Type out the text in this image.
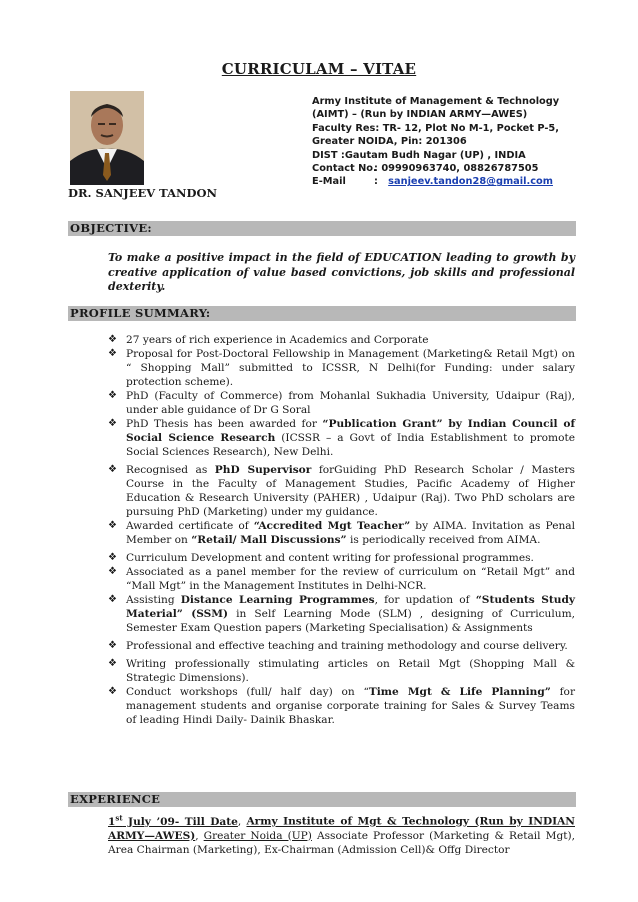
CURRICULAM – VITAE
DR. SANJEEV TANDON
Army Institute of Management & Technology
(AIMT) – (Run by INDIAN ARMY—AWES)
Faculty Res: TR- 12, Plot No M-1, Pocket P-5,
Greater NOIDA, Pin: 201306
DIST :Gautam Budh Nagar (UP) , INDIA
Contact No.: 09990963740, 08826787505
E-Mail	: sanjeev.tandon28@gmail.com
OBJECTIVE:
To make a positive impact in the field of EDUCATION leading to growth by creative application of value based convictions, job skills and professional dexterity.
PROFILE SUMMARY:
❖ 27 years of rich experience in Academics and Corporate
❖ Proposal for Post-Doctoral Fellowship in Management (Marketing& Retail Mgt) on “ Shopping Mall” submitted to ICSSR, N Delhi(for Funding: under salary protection scheme).
❖ PhD (Faculty of Commerce) from Mohanlal Sukhadia University, Udaipur (Raj), under able guidance of Dr G Soral
❖ PhD Thesis has been awarded for “Publication Grant” by Indian Council of Social Science Research (ICSSR – a Govt of India Establishment to promote Social Sciences Research), New Delhi.
❖ Recognised as PhD Supervisor forGuiding PhD Research Scholar / Masters Course in the Faculty of Management Studies, Pacific Academy of Higher Education & Research University (PAHER) , Udaipur (Raj). Two PhD scholars are pursuing PhD (Marketing) under my guidance.
❖ Awarded certificate of “Accredited Mgt Teacher” by AIMA. Invitation as Penal Member on “Retail/ Mall Discussions” is periodically received from AIMA.
❖ Curriculum Development and content writing for professional programmes.
❖ Associated as a panel member for the review of curriculum on “Retail Mgt” and “Mall Mgt” in the Management Institutes in Delhi-NCR.
❖ Assisting Distance Learning Programmes, for updation of “Students Study Material” (SSM) in Self Learning Mode (SLM) , designing of Curriculum, Semester Exam Question papers (Marketing Specialisation) & Assignments
❖ Professional and effective teaching and training methodology and course delivery.
❖ Writing professionally stimulating articles on Retail Mgt (Shopping Mall & Strategic Dimensions).
❖ Conduct workshops (full/ half day) on “Time Mgt & Life Planning” for management students and organise corporate training for Sales & Survey Teams of leading Hindi Daily- Dainik Bhaskar.
EXPERIENCE
1st July ’09- Till Date, Army Institute of Mgt & Technology (Run by INDIAN ARMY—AWES), Greater Noida (UP) Associate Professor (Marketing & Retail Mgt), Area Chairman (Marketing), Ex-Chairman (Admission Cell)& Offg Director
